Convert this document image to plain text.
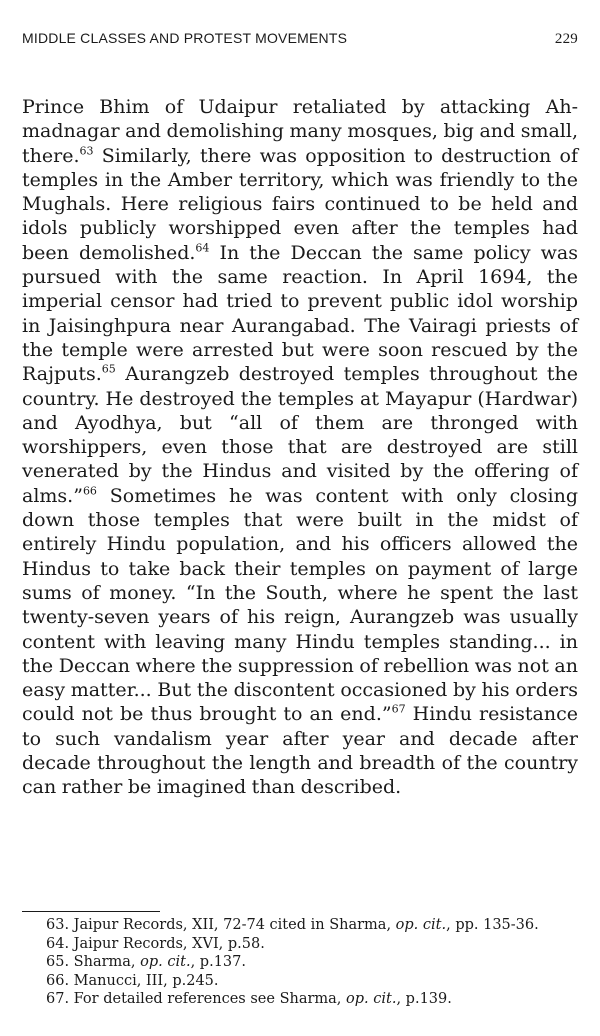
MIDDLE CLASSES AND PROTEST MOVEMENTS	229

Prince Bhim of Udaipur retaliated by attacking Ahmadnagar and demolishing many mosques, big and small, there.$^{63}$ Similarly, there was opposition to destruction of temples in the Amber territory, which was friendly to the Mughals. Here religious fairs continued to be held and idols publicly worshipped even after the temples had been demolished.$^{64}$ In the Deccan the same policy was pursued with the same reaction. In April 1694, the imperial censor had tried to prevent public idol worship in Jaisinghpura near Aurangabad. The Vairagi priests of the temple were arrested but were soon rescued by the Rajputs.$^{65}$ Aurangzeb destroyed temples throughout the country. He destroyed the temples at Mayapur (Hardwar) and Ayodhya, but “all of them are thronged with worshippers, even those that are destroyed are still venerated by the Hindus and visited by the offering of alms.”$^{66}$ Sometimes he was content with only closing down those temples that were built in the midst of entirely Hindu population, and his officers allowed the Hindus to take back their temples on payment of large sums of money. “In the South, where he spent the last twenty-seven years of his reign, Aurangzeb was usually content with leaving many Hindu temples standing... in the Deccan where the suppression of rebellion was not an easy matter... But the discontent occasioned by his orders could not be thus brought to an end.”$^{67}$ Hindu resistance to such vandalism year after year and decade after decade throughout the length and breadth of the country can rather be imagined than described.

63. Jaipur Records, XII, 72-74 cited in Sharma, op. cit., pp. 135-36.
64. Jaipur Records, XVI, p.58.
65. Sharma, op. cit., p.137.
66. Manucci, III, p.245.
67. For detailed references see Sharma, op. cit., p.139.
